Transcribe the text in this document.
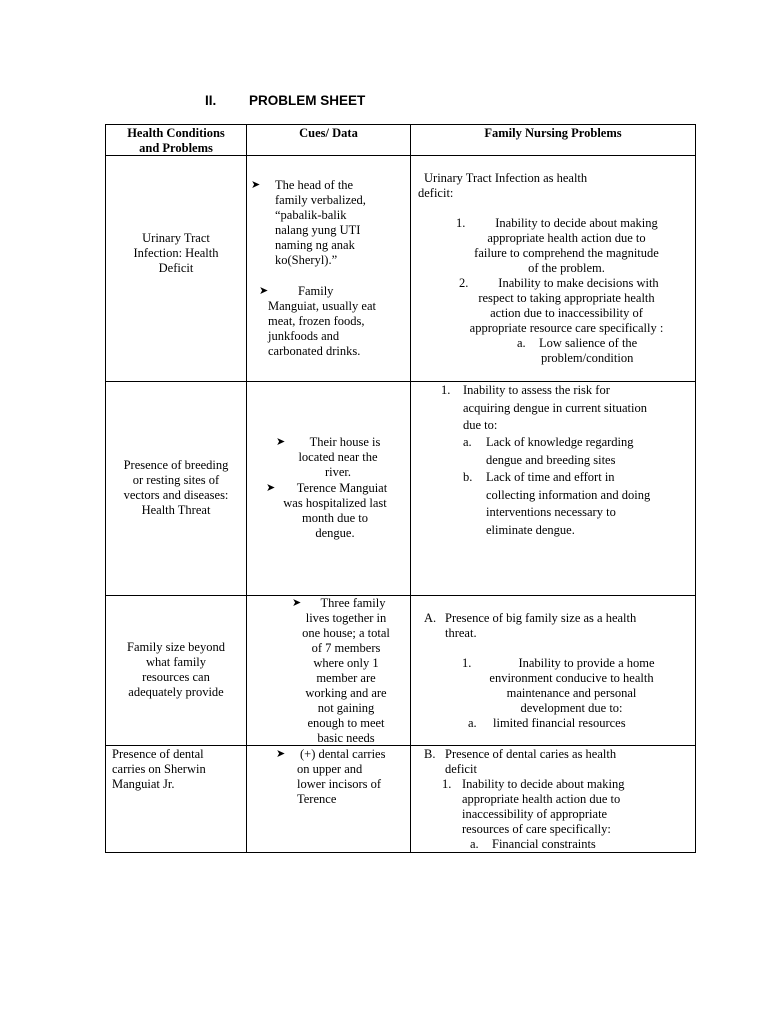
II. PROBLEM SHEET
Health Conditions
and Problems
Cues/ Data	Family Nursing Problems
Urinary Tract
Infection: Health
Deficit
➤ The head of the
family verbalized,
“pabalik-balik
nalang yung UTI
naming ng anak
ko(Sheryl).”
➤ Family
Manguiat, usually eat
meat, frozen foods,
junkfoods and
carbonated drinks.
Urinary Tract Infection as health
deficit:
1. Inability to decide about making
appropriate health action due to
failure to comprehend the magnitude
of the problem.
2. Inability to make decisions with
respect to taking appropriate health
action due to inaccessibility of
appropriate resource care specifically :
a. Low salience of the
problem/condition
Presence of breeding
or resting sites of
vectors and diseases:
Health Threat
➤ Their house is
located near the
river.
➤ Terence Manguiat
was hospitalized last
month due to
dengue.
1. Inability to assess the risk for
acquiring dengue in current situation
due to:
a. Lack of knowledge regarding
dengue and breeding sites
b. Lack of time and effort in
collecting information and doing
interventions necessary to
eliminate dengue.
Family size beyond
what family
resources can
adequately provide
➤ Three family
lives together in
one house; a total
of 7 members
where only 1
member are
working and are
not gaining
enough to meet
basic needs
A. Presence of big family size as a health
threat.
1.	Inability to provide a home
environment conducive to health
maintenance and personal
development due to:
a. limited financial resources
Presence of dental
carries on Sherwin
Manguiat Jr.
➤ (+) dental carries
on upper and
lower incisors of
Terence
B. Presence of dental caries as health
deficit
1. Inability to decide about making
appropriate health action due to
inaccessibility of appropriate
resources of care specifically:
a. Financial constraints
